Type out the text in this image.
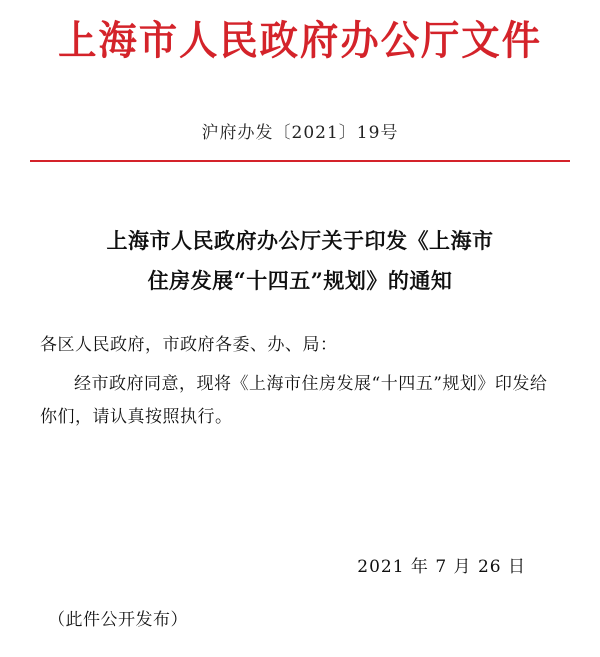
上海市人民政府办公厅文件
沪府办发〔2021〕19号
上海市人民政府办公厅关于印发《上海市
住房发展“十四五”规划》的通知
各区人民政府，市政府各委、办、局：
经市政府同意，现将《上海市住房发展“十四五”规划》印发给你们，请认真按照执行。
2021 年 7 月 26 日
（此件公开发布）
